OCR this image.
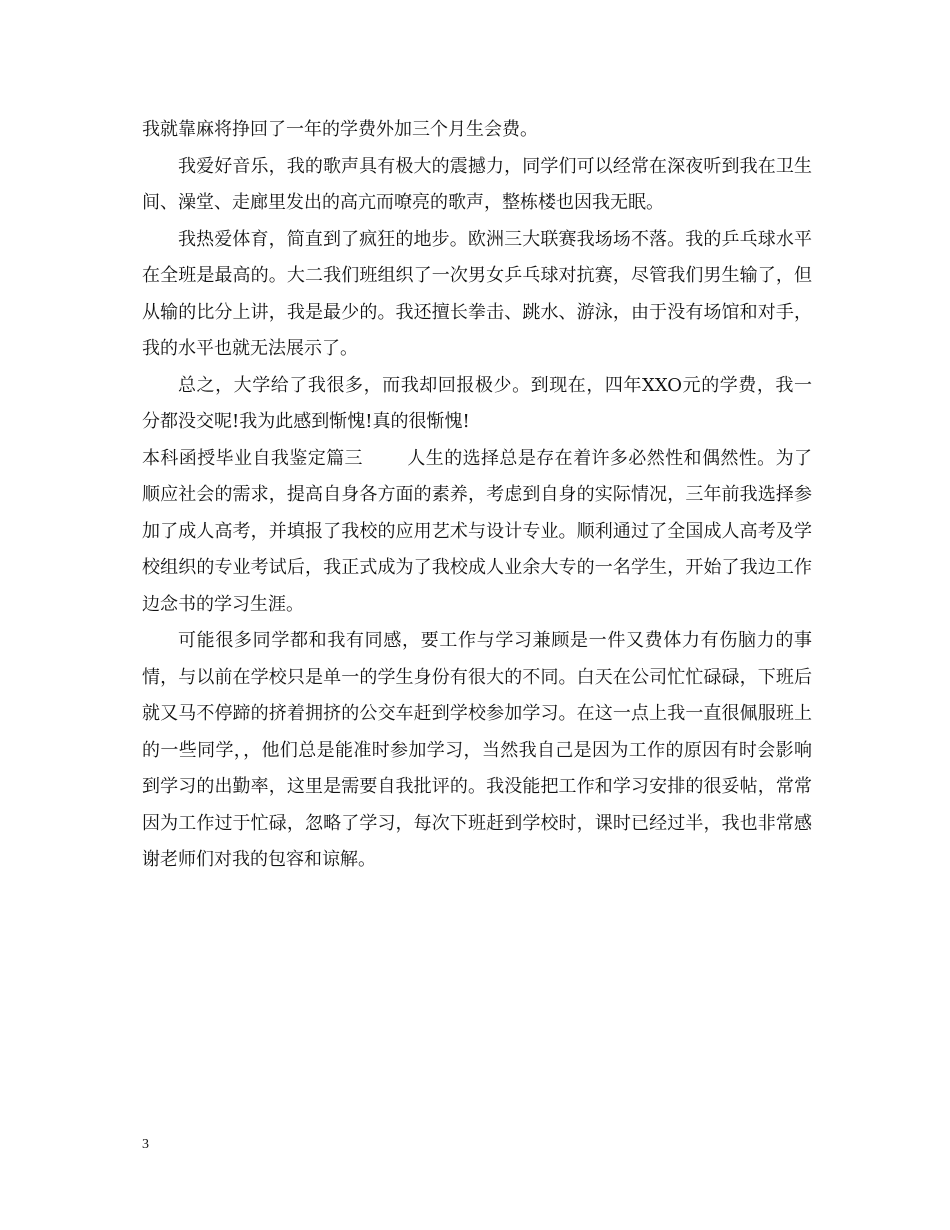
我就靠麻将挣回了一年的学费外加三个月生会费。

我爱好音乐，我的歌声具有极大的震撼力，同学们可以经常在深夜听到我在卫生间、澡堂、走廊里发出的高亢而嘹亮的歌声，整栋楼也因我无眠。

我热爱体育，简直到了疯狂的地步。欧洲三大联赛我场场不落。我的乒乓球水平在全班是最高的。大二我们班组织了一次男女乒乓球对抗赛，尽管我们男生输了，但从输的比分上讲，我是最少的。我还擅长拳击、跳水、游泳，由于没有场馆和对手，我的水平也就无法展示了。

总之，大学给了我很多，而我却回报极少。到现在，四年XXO元的学费，我一分都没交呢!我为此感到惭愧!真的很惭愧!

本科函授毕业自我鉴定篇三 人生的选择总是存在着许多必然性和偶然性。为了顺应社会的需求，提高自身各方面的素养，考虑到自身的实际情况，三年前我选择参加了成人高考，并填报了我校的应用艺术与设计专业。顺利通过了全国成人高考及学校组织的专业考试后，我正式成为了我校成人业余大专的一名学生，开始了我边工作边念书的学习生涯。

可能很多同学都和我有同感，要工作与学习兼顾是一件又费体力有伤脑力的事情，与以前在学校只是单一的学生身份有很大的不同。白天在公司忙忙碌碌，下班后就又马不停蹄的挤着拥挤的公交车赶到学校参加学习。在这一点上我一直很佩服班上的一些同学，，他们总是能准时参加学习，当然我自己是因为工作的原因有时会影响到学习的出勤率，这里是需要自我批评的。我没能把工作和学习安排的很妥帖，常常因为工作过于忙碌，忽略了学习，每次下班赶到学校时，课时已经过半，我也非常感谢老师们对我的包容和谅解。

3
